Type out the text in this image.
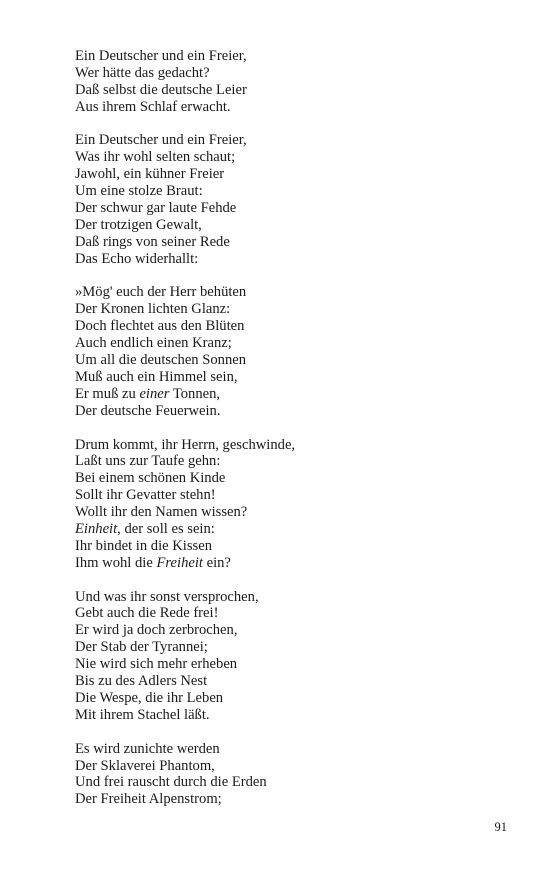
Ein Deutscher und ein Freier,
Wer hätte das gedacht?
Daß selbst die deutsche Leier
Aus ihrem Schlaf erwacht.
Ein Deutscher und ein Freier,
Was ihr wohl selten schaut;
Jawohl, ein kühner Freier
Um eine stolze Braut:
Der schwur gar laute Fehde
Der trotzigen Gewalt,
Daß rings von seiner Rede
Das Echo widerhallt:
»Mög' euch der Herr behüten
Der Kronen lichten Glanz:
Doch flechtet aus den Blüten
Auch endlich einen Kranz;
Um all die deutschen Sonnen
Muß auch ein Himmel sein,
Er muß zu einer Tonnen,
Der deutsche Feuerwein.
Drum kommt, ihr Herrn, geschwinde,
Laßt uns zur Taufe gehn:
Bei einem schönen Kinde
Sollt ihr Gevatter stehn!
Wollt ihr den Namen wissen?
Einheit, der soll es sein:
Ihr bindet in die Kissen
Ihm wohl die Freiheit ein?
Und was ihr sonst versprochen,
Gebt auch die Rede frei!
Er wird ja doch zerbrochen,
Der Stab der Tyrannei;
Nie wird sich mehr erheben
Bis zu des Adlers Nest
Die Wespe, die ihr Leben
Mit ihrem Stachel läßt.
Es wird zunichte werden
Der Sklaverei Phantom,
Und frei rauscht durch die Erden
Der Freiheit Alpenstrom;
91
